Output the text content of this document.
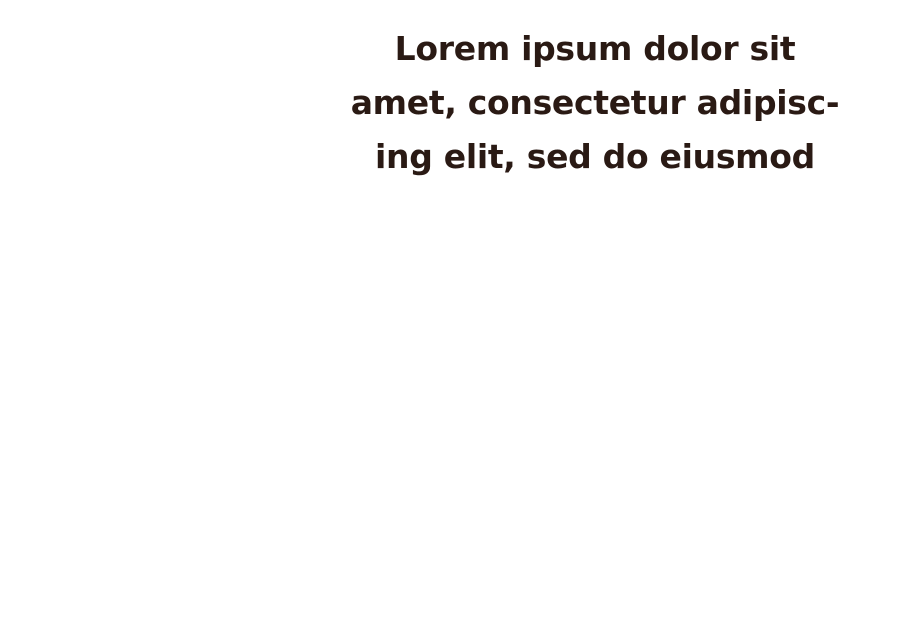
Lorem ipsum dolor sit
amet, consectetur adipisc-
ing elit, sed do eiusmod
